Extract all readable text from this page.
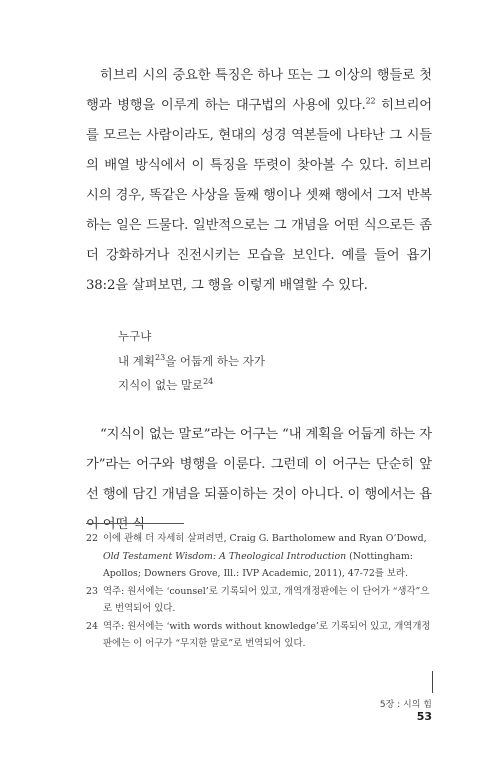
히브리 시의 중요한 특징은 하나 또는 그 이상의 행들로 첫 행과 병행을 이루게 하는 대구법의 사용에 있다.$^{22}$ 히브리어를 모르는 사람이라도, 현대의 성경 역본들에 나타난 그 시들의 배열 방식에서 이 특징을 뚜렷이 찾아볼 수 있다. 히브리 시의 경우, 똑같은 사상을 둘째 행이나 셋째 행에서 그저 반복하는 일은 드물다. 일반적으로는 그 개념을 어떤 식으로든 좀 더 강화하거나 진전시키는 모습을 보인다. 예를 들어 욥기 38:2을 살펴보면, 그 행을 이렇게 배열할 수 있다.

누구냐
내 계획$^{23}$을 어둡게 하는 자가
지식이 없는 말로$^{24}$

“지식이 없는 말로”라는 어구는 “내 계획을 어둡게 하는 자가”라는 어구와 병행을 이룬다. 그런데 이 어구는 단순히 앞선 행에 담긴 개념을 되풀이하는 것이 아니다. 이 행에서는 욥이 어떤 식

22 이에 관해 더 자세히 살펴려면, Craig G. Bartholomew and Ryan O’Dowd, Old Testament Wisdom: A Theological Introduction (Nottingham: Apollos; Downers Grove, Ill.: IVP Academic, 2011), 47-72를 보라.
23 역주: 원서에는 ‘counsel’로 기록되어 있고, 개역개정판에는 이 단어가 “생각”으로 번역되어 있다.
24 역주: 원서에는 ‘with words without knowledge’로 기록되어 있고, 개역개정판에는 이 어구가 “무지한 말로”로 번역되어 있다.
5장 : 시의 힘
53
